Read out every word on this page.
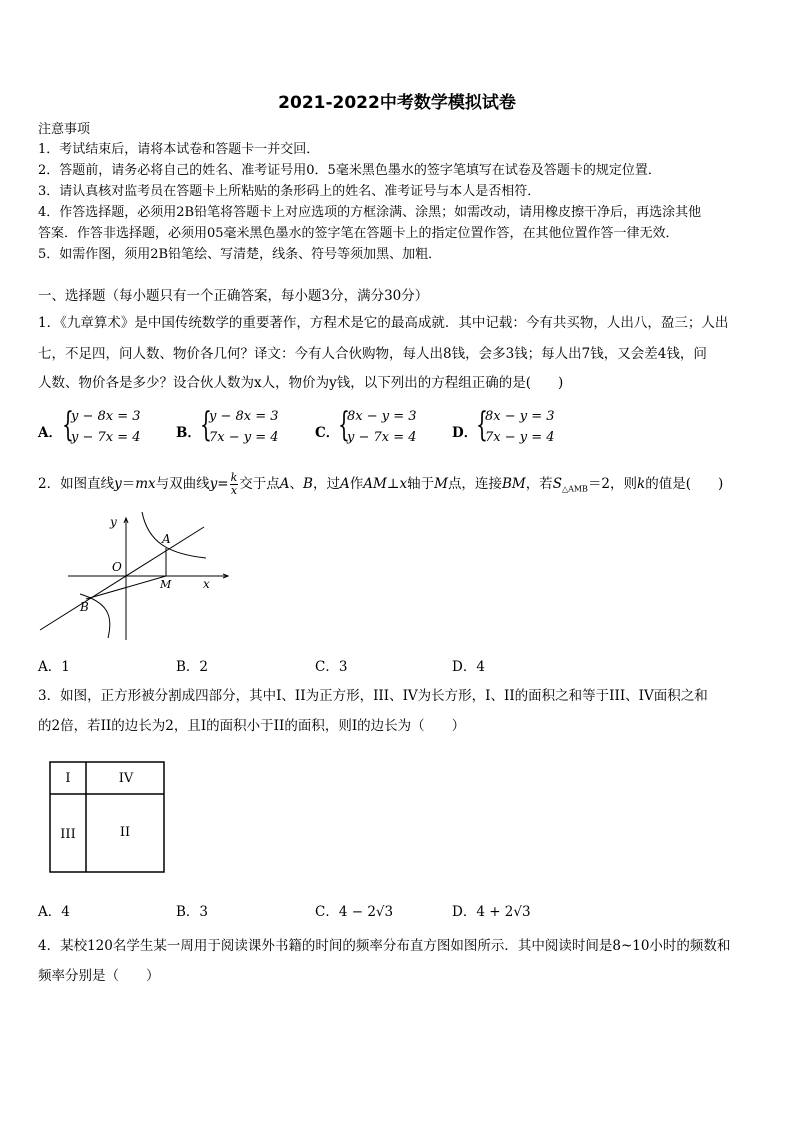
2021-2022中考数学模拟试卷
注意事项
1．考试结束后，请将本试卷和答题卡一并交回．
2．答题前，请务必将自己的姓名、准考证号用0．5毫米黑色墨水的签字笔填写在试卷及答题卡的规定位置．
3．请认真核对监考员在答题卡上所粘贴的条形码上的姓名、准考证号与本人是否相符．
4．作答选择题，必须用2B铅笔将答题卡上对应选项的方框涂满、涂黑；如需改动，请用橡皮擦干净后，再选涂其他
答案．作答非选择题，必须用05毫米黑色墨水的签字笔在答题卡上的指定位置作答，在其他位置作答一律无效．
5．如需作图，须用2B铅笔绘、写清楚，线条、符号等须加黑、加粗．
一、选择题（每小题只有一个正确答案，每小题3分，满分30分）
1．《九章算术》是中国传统数学的重要著作，方程术是它的最高成就．其中记载：今有共买物，人出八，盈三；人出
七，不足四，问人数、物价各几何？译文：今有人合伙购物，每人出8钱，会多3钱；每人出7钱，又会差4钱，问
人数、物价各是多少？设合伙人数为x人，物价为y钱，以下列出的方程组正确的是(　　)
A． {
y − 8x = 3
y − 7x = 4	B． {
y − 8x = 3
7x − y = 4	C．
{
8x − y = 3
y − 7x = 4	D．
{
8x − y = 3
7x − y = 4
2．如图直线y＝mx与双曲线$y= \frac{k}{x}$ 交于点A、B，过A作AM⊥x轴于M点，连接BM，若$S_{\triangle AMB}=2$，则k的值是(　　)
y
O
A
M	x
B
A．1	B．2	C．3	D．4
3．如图，正方形被分割成四部分，其中I、II为正方形，III、IV为长方形，I、II的面积之和等于III、IV面积之和
的2倍，若II的边长为2，且I的面积小于II的面积，则I的边长为（　　）
I	IV
III	II
A．4	B．3	C．4 − 2√3	D．4 + 2√3
4．某校120名学生某一周用于阅读课外书籍的时间的频率分布直方图如图所示．其中阅读时间是8~10小时的频数和
频率分别是（　　）
